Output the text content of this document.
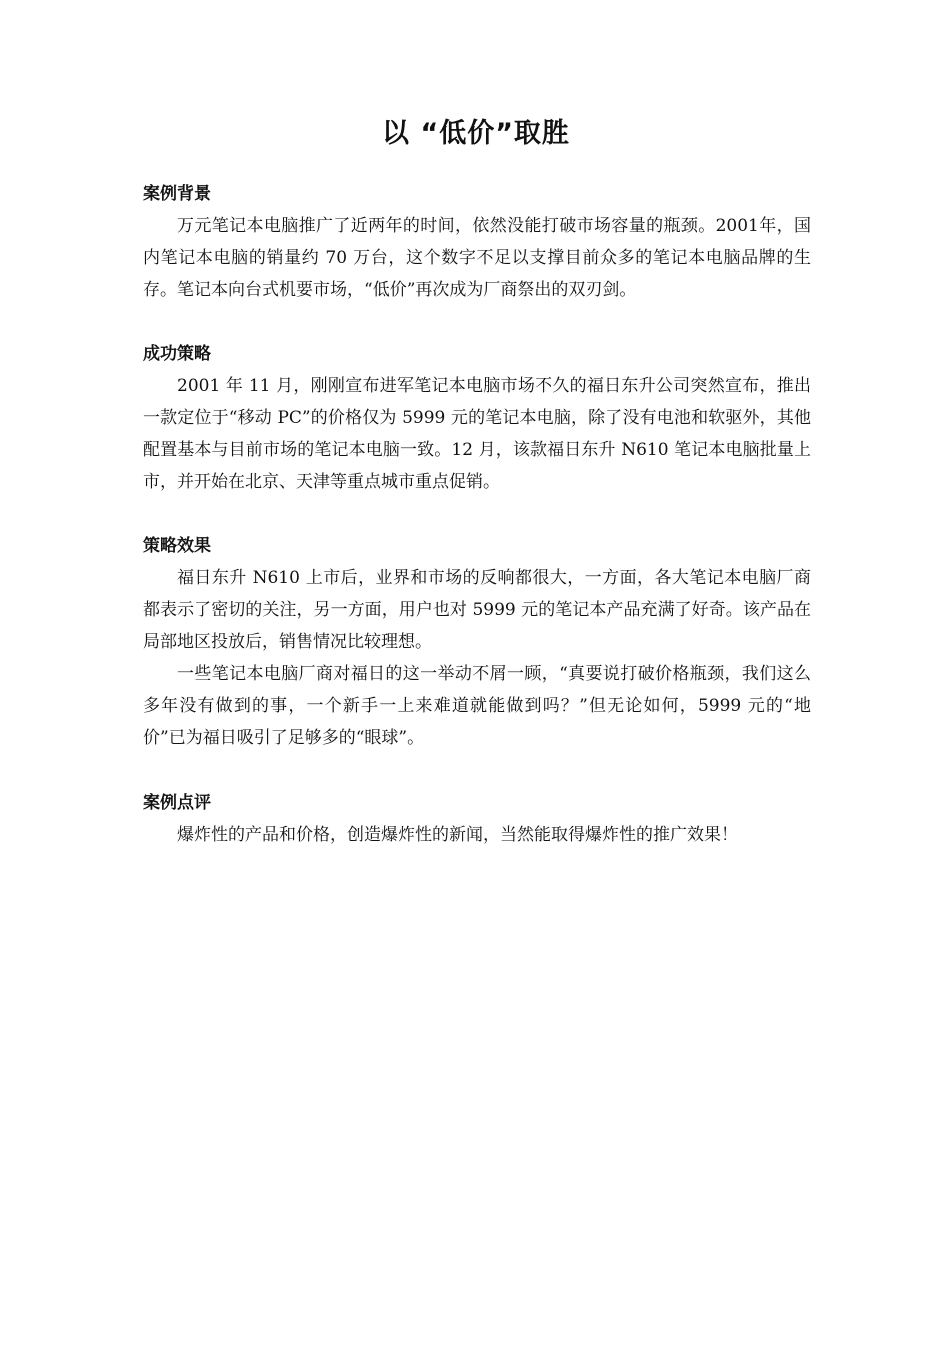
以 “低价”取胜
案例背景

万元笔记本电脑推广了近两年的时间，依然没能打破市场容量的瓶颈。2001年，国内笔记本电脑的销量约 70 万台，这个数字不足以支撑目前众多的笔记本电脑品牌的生存。笔记本向台式机要市场，“低价”再次成为厂商祭出的双刃剑。

成功策略

2001 年 11 月，刚刚宣布进军笔记本电脑市场不久的福日东升公司突然宣布，推出一款定位于“移动 PC”的价格仅为 5999 元的笔记本电脑，除了没有电池和软驱外，其他配置基本与目前市场的笔记本电脑一致。12 月，该款福日东升 N610 笔记本电脑批量上市，并开始在北京、天津等重点城市重点促销。

策略效果

福日东升 N610 上市后，业界和市场的反响都很大，一方面，各大笔记本电脑厂商都表示了密切的关注，另一方面，用户也对 5999 元的笔记本产品充满了好奇。该产品在局部地区投放后，销售情况比较理想。

一些笔记本电脑厂商对福日的这一举动不屑一顾，“真要说打破价格瓶颈，我们这么多年没有做到的事，一个新手一上来难道就能做到吗？”但无论如何，5999 元的“地价”已为福日吸引了足够多的“眼球”。

案例点评

爆炸性的产品和价格，创造爆炸性的新闻，当然能取得爆炸性的推广效果！
